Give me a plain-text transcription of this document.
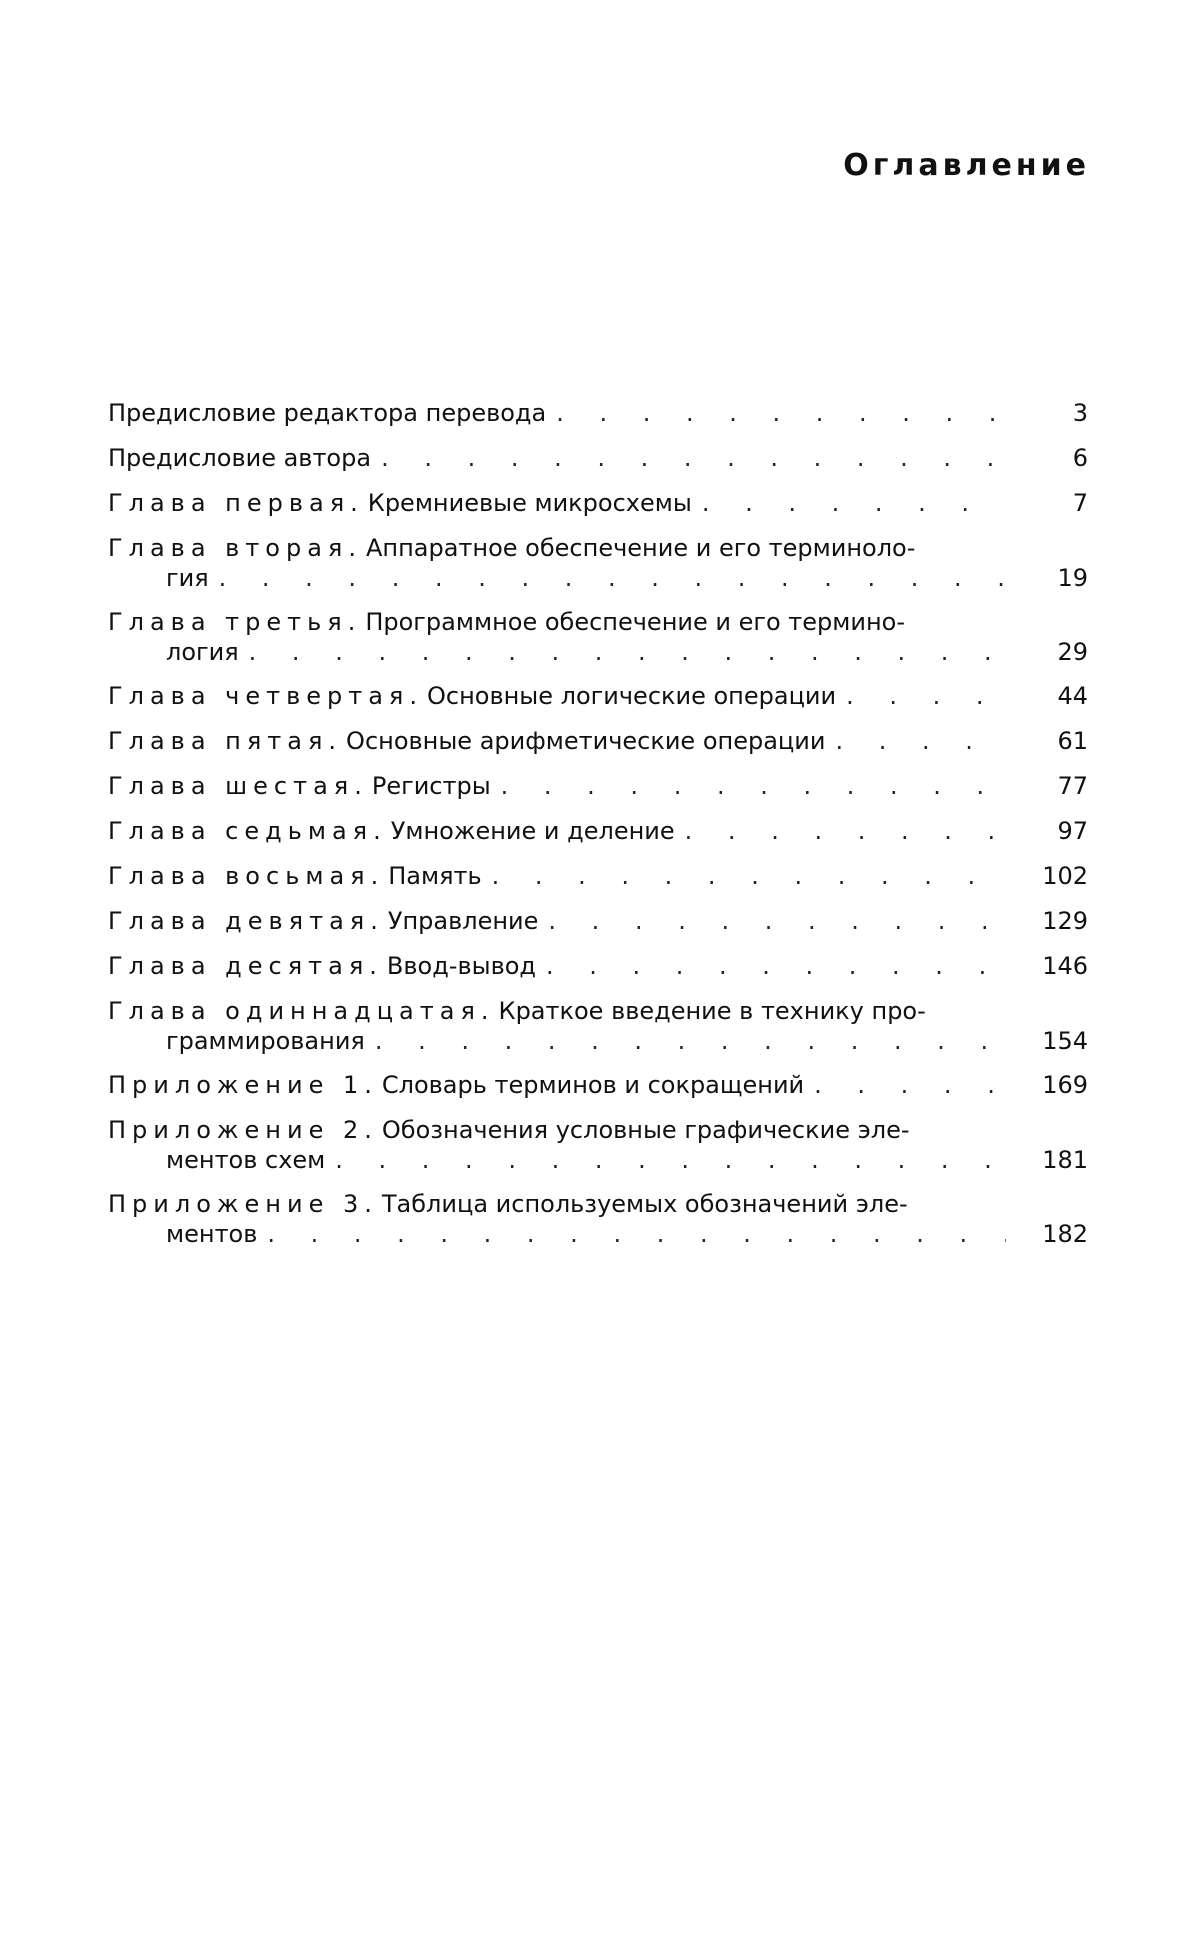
Оглавление
Предисловие редактора перевода . . .	3
Предисловие автора . . .	6
Глава первая. Кремниевые микросхемы . . .	7
Глава вторая. Аппаратное обеспечение и его терминоло-
гия . . .	19
Глава третья. Программное обеспечение и его термино-
логия . . .	29
Глава четвертая. Основные логические операции . . .	44
Глава пятая. Основные арифметические операции . . .	61
Глава шестая. Регистры . . .	77
Глава седьмая. Умножение и деление . . .	97
Глава восьмая. Память . . .	102
Глава девятая. Управление . . .	129
Глава десятая. Ввод-вывод . . .	146
Глава одиннадцатая. Краткое введение в технику про-
граммирования . . .	154
Приложение 1. Словарь терминов и сокращений . . .	169
Приложение 2. Обозначения условные графические эле-
ментов схем . . .	181
Приложение 3. Таблица используемых обозначений эле-
ментов . . .	182
